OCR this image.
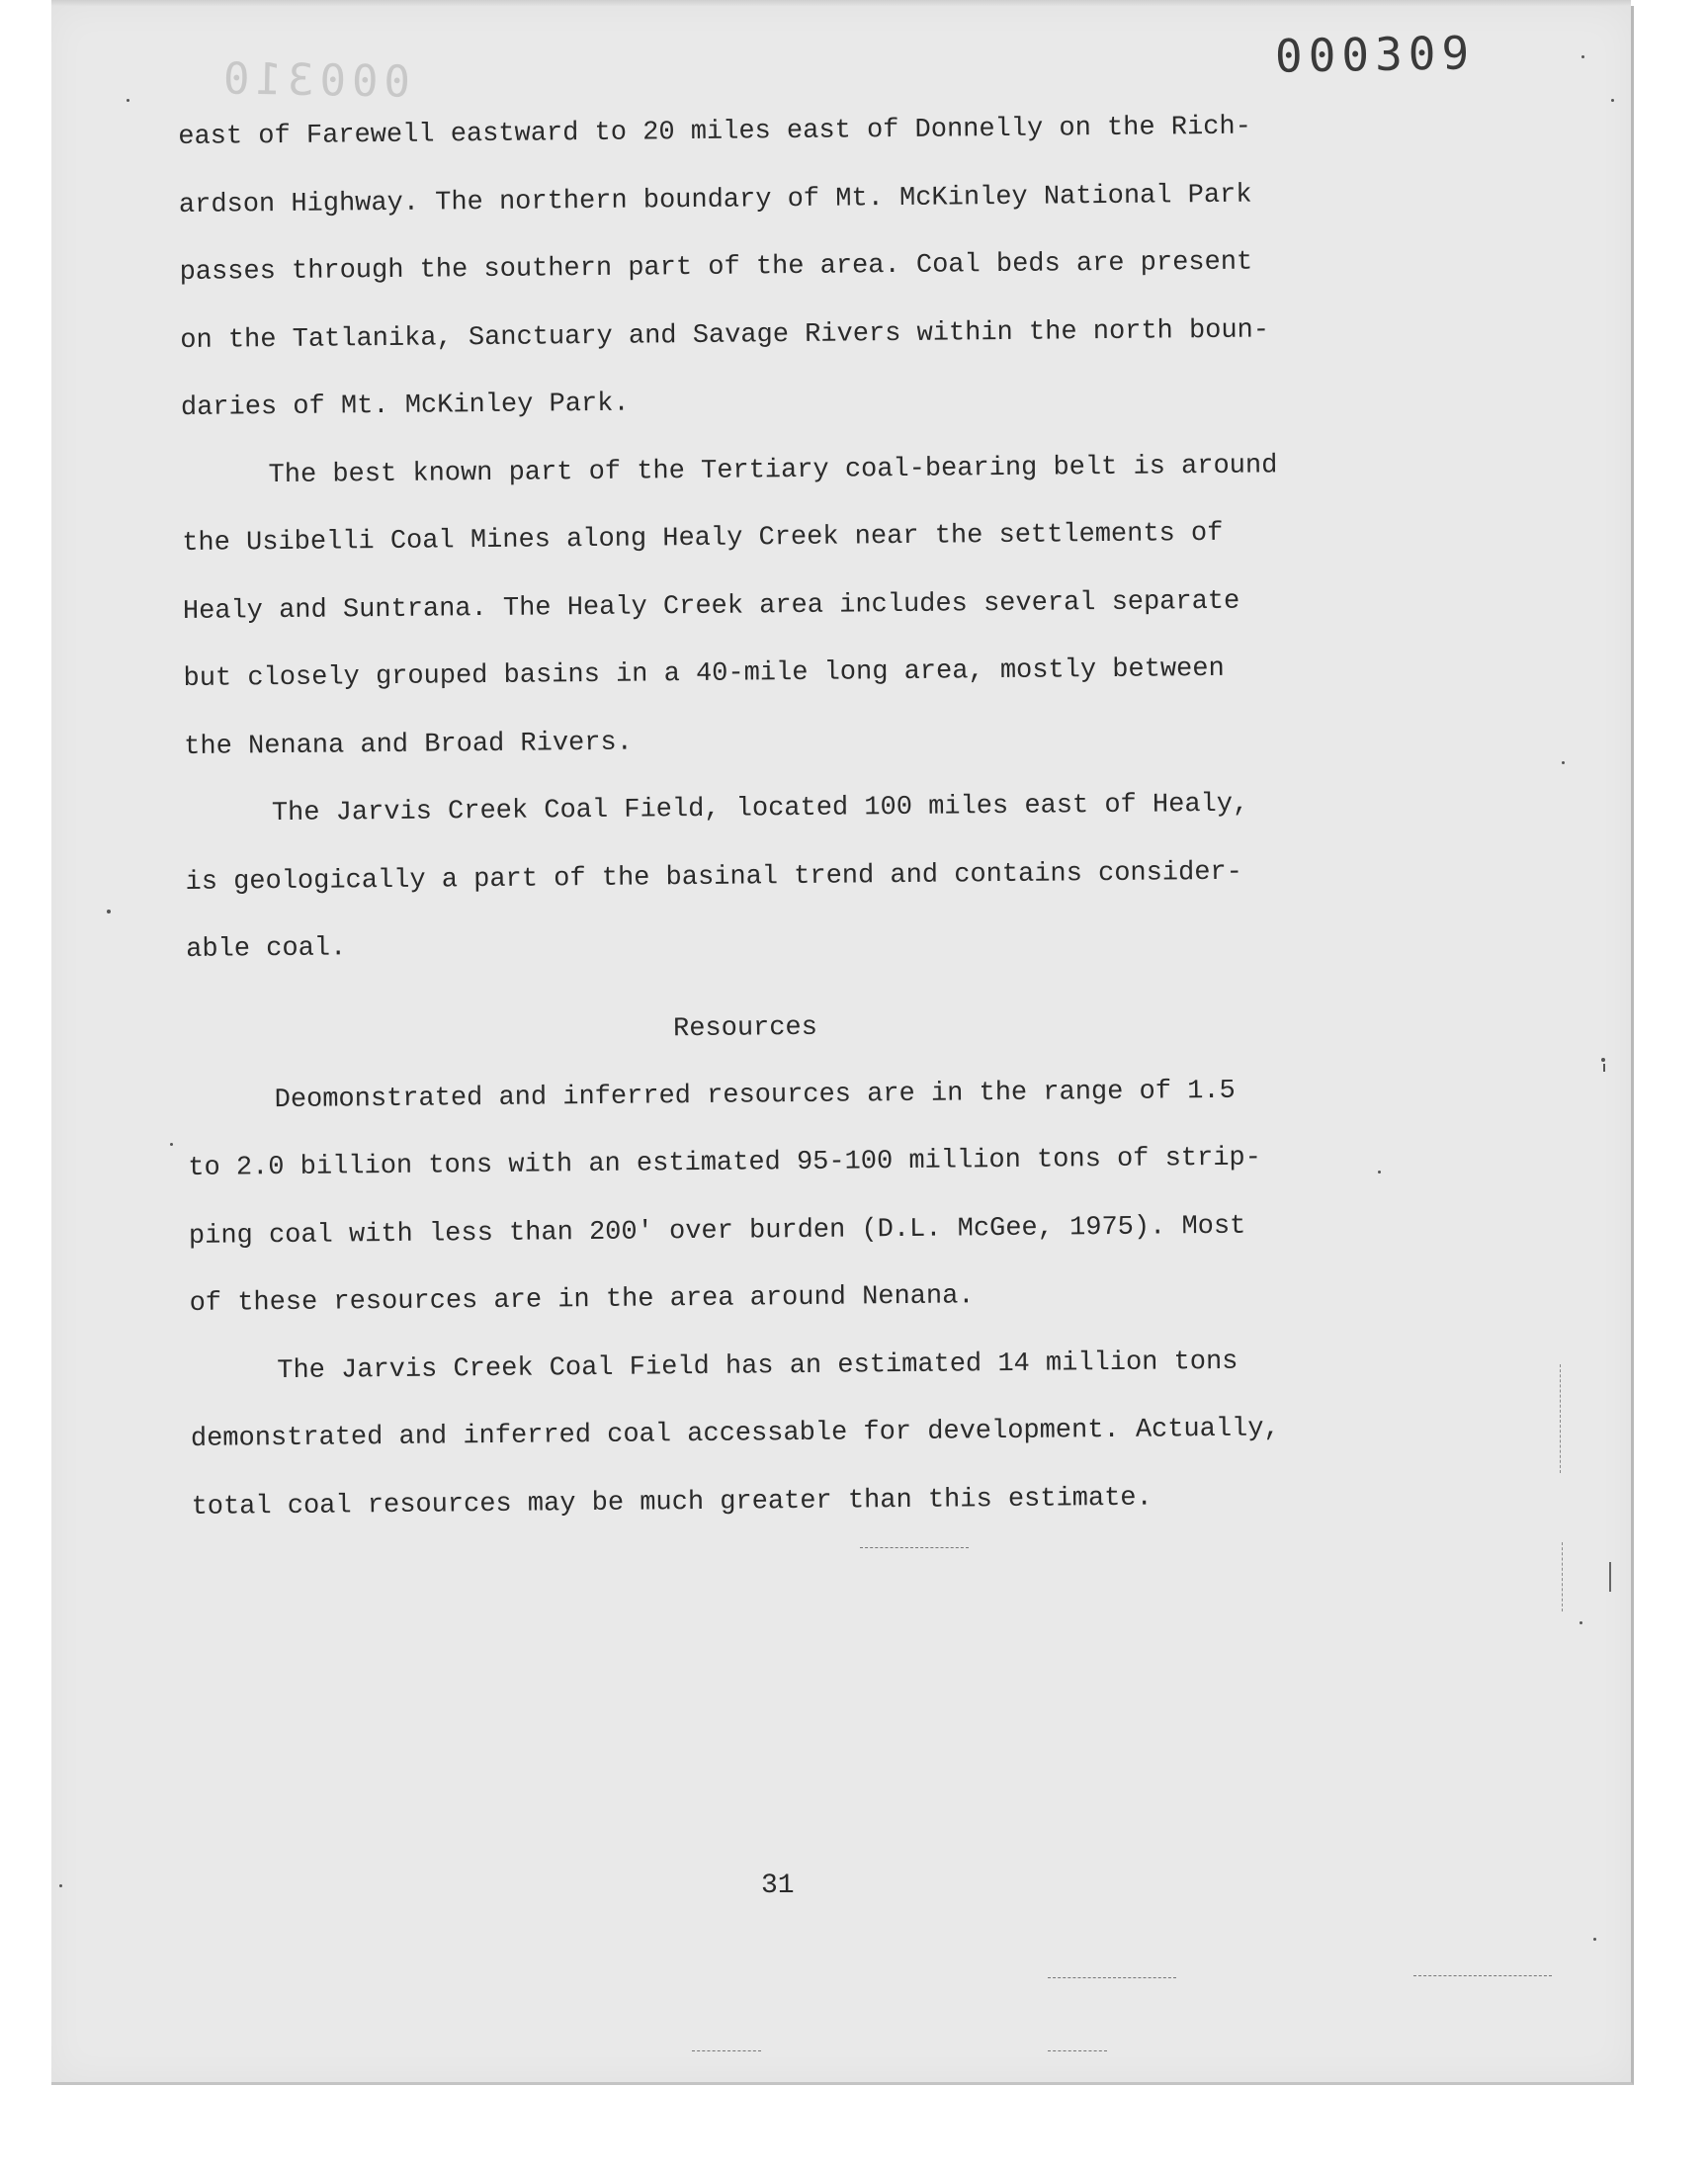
000310	000309

east of Farewell eastward to 20 miles east of Donnelly on the Rich-
ardson Highway. The northern boundary of Mt. McKinley National Park
passes through the southern part of the area. Coal beds are present
on the Tatlanika, Sanctuary and Savage Rivers within the north boun-
daries of Mt. McKinley Park.

The best known part of the Tertiary coal-bearing belt is around
the Usibelli Coal Mines along Healy Creek near the settlements of
Healy and Suntrana. The Healy Creek area includes several separate
but closely grouped basins in a 40-mile long area, mostly between
the Nenana and Broad Rivers.

The Jarvis Creek Coal Field, located 100 miles east of Healy,
is geologically a part of the basinal trend and contains consider-
able coal.

Resources

Deomonstrated and inferred resources are in the range of 1.5
to 2.0 billion tons with an estimated 95-100 million tons of strip-
ping coal with less than 200' over burden (D.L. McGee, 1975). Most
of these resources are in the area around Nenana.

The Jarvis Creek Coal Field has an estimated 14 million tons
demonstrated and inferred coal accessable for development. Actually,
total coal resources may be much greater than this estimate.

31
